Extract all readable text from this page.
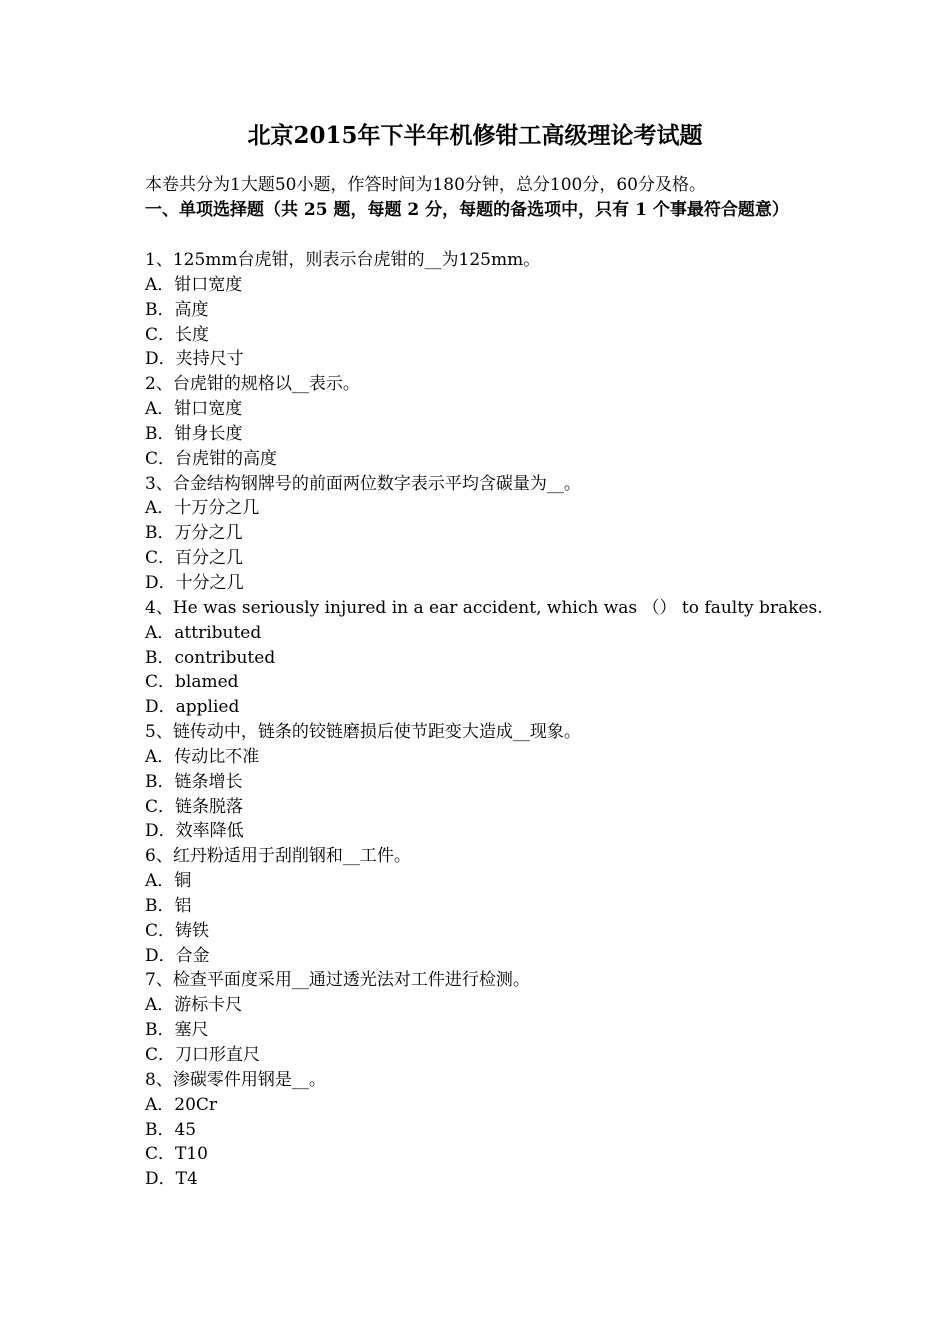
北京2015年下半年机修钳工高级理论考试题

本卷共分为1大题50小题，作答时间为180分钟，总分100分，60分及格。

一、单项选择题（共 25 题，每题 2 分，每题的备选项中，只有 1 个事最符合题意）

1、125mm台虎钳，则表示台虎钳的__为125mm。
A．钳口宽度
B．高度
C．长度
D．夹持尺寸
2、台虎钳的规格以__表示。
A．钳口宽度
B．钳身长度
C．台虎钳的高度
3、合金结构钢牌号的前面两位数字表示平均含碳量为__。
A．十万分之几
B．万分之几
C．百分之几
D．十分之几
4、He was seriously injured in a ear accident, which was （） to faulty brakes.
A．attributed
B．contributed
C．blamed
D．applied
5、链传动中，链条的铰链磨损后使节距变大造成__现象。
A．传动比不准
B．链条增长
C．链条脱落
D．效率降低
6、红丹粉适用于刮削钢和__工件。
A．铜
B．铝
C．铸铁
D．合金
7、检查平面度采用__通过透光法对工件进行检测。
A．游标卡尺
B．塞尺
C．刀口形直尺
8、渗碳零件用钢是__。
A．20Cr
B．45
C．T10
D．T4
